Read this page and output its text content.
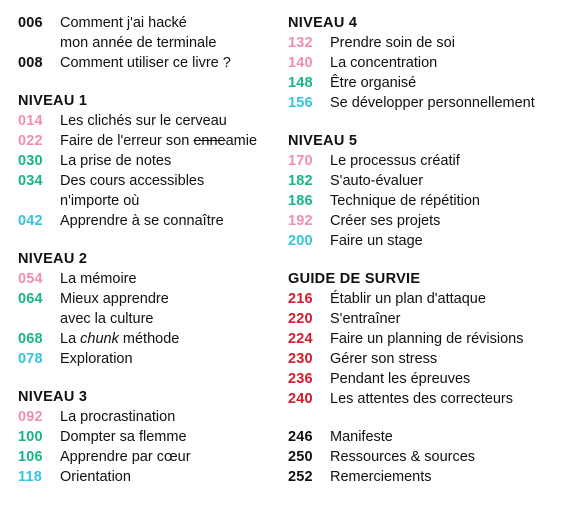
006	Comment j'ai hacké
mon année de terminale
008	Comment utiliser ce livre ?
NIVEAU 1
014	Les clichés sur le cerveau
022	Faire de l'erreur son enneamie
030	La prise de notes
034	Des cours accessibles
n'importe où
042	Apprendre à se connaître
NIVEAU 2
054	La mémoire
064	Mieux apprendre
avec la culture
068	La chunk méthode
078	Exploration
NIVEAU 3
092	La procrastination
100	Dompter sa flemme
106	Apprendre par cœur
118	Orientation
NIVEAU 4
132	Prendre soin de soi
140	La concentration
148	Être organisé
156	Se développer personnellement
NIVEAU 5
170	Le processus créatif
182	S'auto-évaluer
186	Technique de répétition
192	Créer ses projets
200	Faire un stage
GUIDE DE SURVIE
216	Établir un plan d'attaque
220	S'entraîner
224	Faire un planning de révisions
230	Gérer son stress
236	Pendant les épreuves
240	Les attentes des correcteurs
246	Manifeste
250	Ressources & sources
252	Remerciements
